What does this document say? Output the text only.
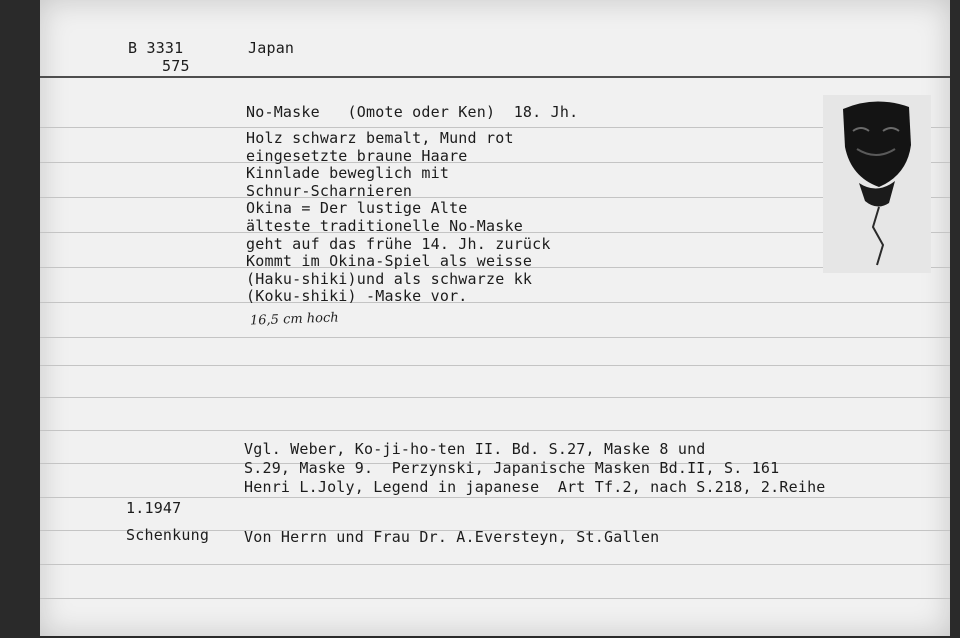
B 3331

575

Japan

No-Maske   (Omote oder Ken)  18. Jh.

Holz schwarz bemalt, Mund rot

eingesetzte braune Haare

Kinnlade beweglich mit

Schnur-Scharnieren

Okina = Der lustige Alte

älteste traditionelle No-Maske

geht auf das frühe 14. Jh. zurück

Kommt im Okina-Spiel als weisse

(Haku-shiki)und als schwarze kk

(Koku-shiki) -Maske vor.

16,5 cm hoch

Vgl. Weber, Ko-ji-ho-ten II. Bd. S.27, Maske 8 und

S.29, Maske 9.  Perzynski, Japanische Masken Bd.II, S. 161

Henri L.Joly, Legend in japanese  Art Tf.2, nach S.218, 2.Reihe

1.1947

Schenkung Von Herrn und Frau Dr. A.Eversteyn, St.Gallen
